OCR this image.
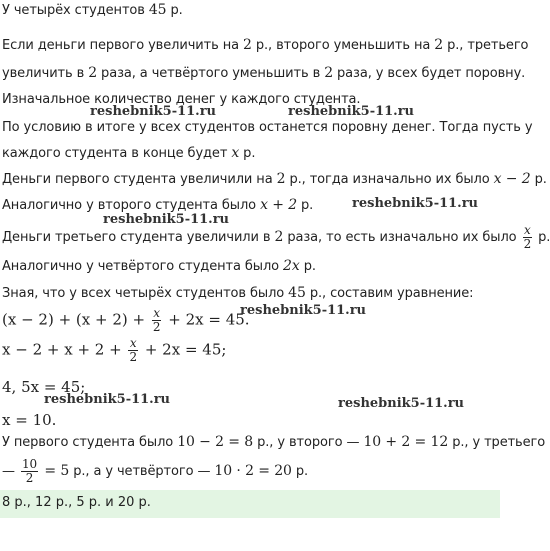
У четырёх студентов 45 р.
Если деньги первого увеличить на 2 р., второго уменьшить на 2 р., третьего
увеличить в 2 раза, а четвёртого уменьшить в 2 раза, у всех будет поровну.
Изначальное количество денег у каждого студента.
По условию в итоге у всех студентов останется поровну денег. Тогда пусть у
каждого студента в конце будет x р.
Деньги первого студента увеличили на 2 р., тогда изначально их было x − 2 р.
Аналогично у второго студента было x + 2 р.
Деньги третьего студента увеличили в 2 раза, то есть изначально их было $\frac{x}{2} р$.
Аналогично у четвёртого студента было 2x р.
Зная, что у всех четырёх студентов было 45 р., составим уравнение:
$(x - 2) + (x + 2) + \frac{x}{2} + 2x = 45$.
$x - 2 + x + 2 + \frac{x}{2} + 2x = 45$;
4, 5x = 45;
x = 10.
У первого студента было 10 − 2 = 8 р., у второго — 10 + 2 = 12 р., у третьего
— $\frac{10}{2} = 5$ р., а у четвёртого — 10 · 2 = 20 р.
8 р., 12 р., 5 р. и 20 р.
reshebnik5-11.ru	reshebnik5-11.ru
reshebnik5-11.ru
reshebnik5-11.ru
reshebnik5-11.ru
reshebnik5-11.ru	reshebnik5-11.ru
